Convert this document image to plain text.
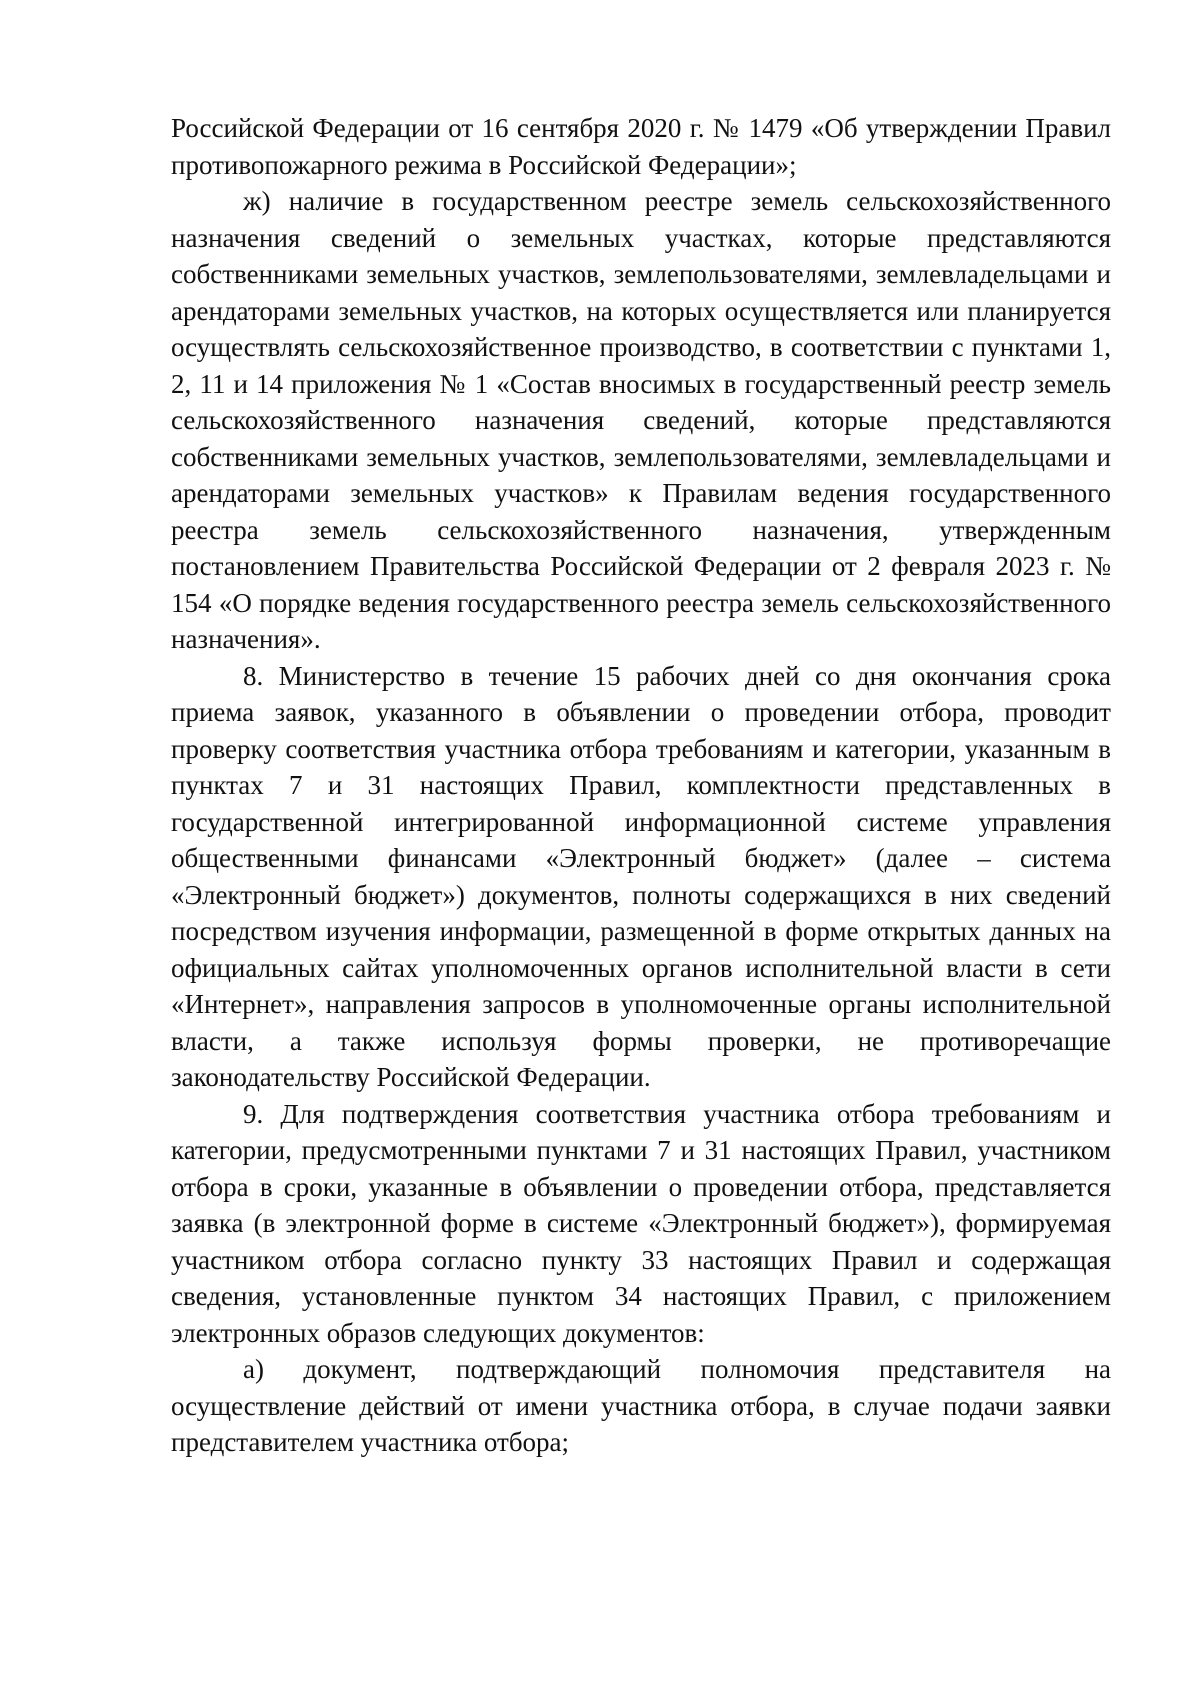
Российской Федерации от 16 сентября 2020 г. № 1479 «Об утверждении Правил противопожарного режима в Российской Федерации»;

ж) наличие в государственном реестре земель сельскохозяйственного назначения сведений о земельных участках, которые представляются собственниками земельных участков, землепользователями, землевладельцами и арендаторами земельных участков, на которых осуществляется или планируется осуществлять сельскохозяйственное производство, в соответствии с пунктами 1, 2, 11 и 14 приложения № 1 «Состав вносимых в государственный реестр земель сельскохозяйственного назначения сведений, которые представляются собственниками земельных участков, землепользователями, землевладельцами и арендаторами земельных участков» к Правилам ведения государственного реестра земель сельскохозяйственного назначения, утвержденным постановлением Правительства Российской Федерации от 2 февраля 2023 г. № 154 «О порядке ведения государственного реестра земель сельскохозяйственного назначения».

8. Министерство в течение 15 рабочих дней со дня окончания срока приема заявок, указанного в объявлении о проведении отбора, проводит проверку соответствия участника отбора требованиям и категории, указанным в пунктах 7 и 31 настоящих Правил, комплектности представленных в государственной интегрированной информационной системе управления общественными финансами «Электронный бюджет» (далее – система «Электронный бюджет») документов, полноты содержащихся в них сведений посредством изучения информации, размещенной в форме открытых данных на официальных сайтах уполномоченных органов исполнительной власти в сети «Интернет», направления запросов в уполномоченные органы исполнительной власти, а также используя формы проверки, не противоречащие законодательству Российской Федерации.

9. Для подтверждения соответствия участника отбора требованиям и категории, предусмотренными пунктами 7 и 31 настоящих Правил, участником отбора в сроки, указанные в объявлении о проведении отбора, представляется заявка (в электронной форме в системе «Электронный бюджет»), формируемая участником отбора согласно пункту 33 настоящих Правил и содержащая сведения, установленные пунктом 34 настоящих Правил, с приложением электронных образов следующих документов:

а) документ, подтверждающий полномочия представителя на осуществление действий от имени участника отбора, в случае подачи заявки представителем участника отбора;
